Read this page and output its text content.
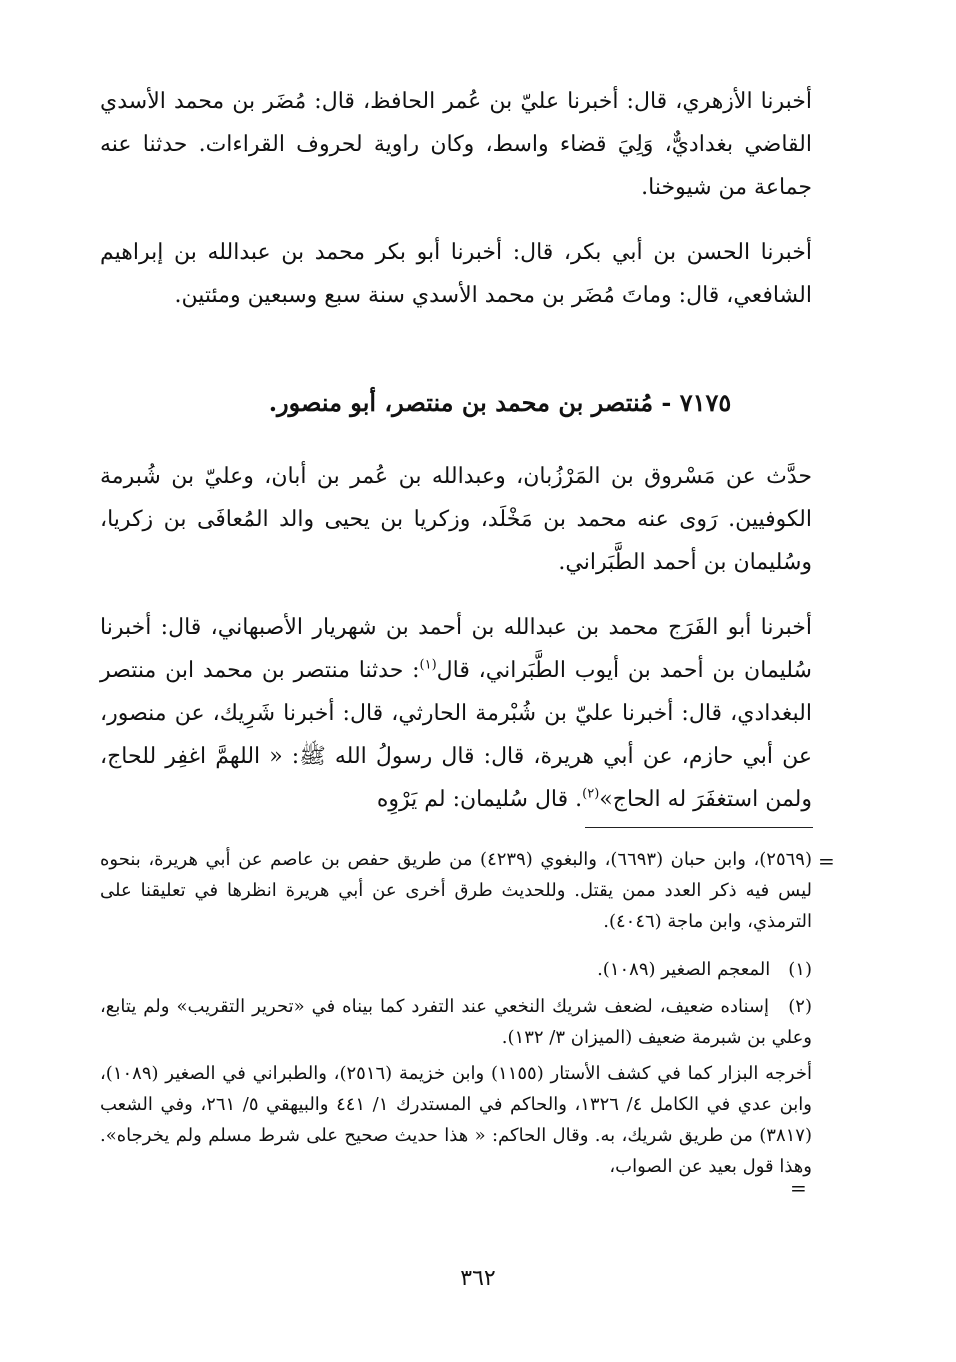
أخبرنا الأزهري، قال: أخبرنا عليّ بن عُمر الحافظ، قال: مُضَر بن محمد الأسدي القاضي بغداديٌّ، وَلِيَ قضاء واسط، وكان راوية لحروف القراءات. حدثنا عنه جماعة من شيوخنا.

أخبرنا الحسن بن أبي بكر، قال: أخبرنا أبو بكر محمد بن عبدالله بن إبراهيم الشافعي، قال: وماتَ مُضَر بن محمد الأسدي سنة سبع وسبعين ومئتين.

٧١٧٥ - مُنتصر بن محمد بن منتصر، أبو منصور.

حدَّث عن مَسْروق بن المَرْزُبان، وعبدالله بن عُمر بن أبان، وعليّ بن شُبرمة الكوفيين. رَوى عنه محمد بن مَخْلَد، وزكريا بن يحيى والد المُعافَى بن زكريا، وسُليمان بن أحمد الطَّبَراني.

أخبرنا أبو الفَرَج محمد بن عبدالله بن أحمد بن شهريار الأصبهاني، قال: أخبرنا سُليمان بن أحمد بن أيوب الطَّبَراني، قال$^{(١)}$: حدثنا منتصر بن محمد ابن منتصر البغدادي، قال: أخبرنا عليّ بن شُبْرمة الحارثي، قال: أخبرنا شَرِيك، عن منصور، عن أبي حازم، عن أبي هريرة، قال: قال رسولُ الله ﷺ: « اللهمَّ اغفِر للحاج، ولمن استغفَرَ له الحاج»$^{(٢)}$. قال سُليمان: لم يَرْوِه

=

(٢٥٦٩)، وابن حبان (٦٦٩٣)، والبغوي (٤٢٣٩) من طريق حفص بن عاصم عن أبي هريرة، بنحوه ليس فيه ذكر العدد ممن يقتل. وللحديث طرق أخرى عن أبي هريرة انظرها في تعليقنا على الترمذي، وابن ماجة (٤٠٤٦).

(١) المعجم الصغير (١٠٨٩).

(٢) إسناده ضعيف، لضعف شريك النخعي عند التفرد كما بيناه في «تحرير التقريب» ولم يتابع، وعلي بن شبرمة ضعيف (الميزان ٣/ ١٣٢).

أخرجه البزار كما في كشف الأستار (١١٥٥) وابن خزيمة (٢٥١٦)، والطبراني في الصغير (١٠٨٩)، وابن عدي في الكامل ٤/ ١٣٢٦، والحاكم في المستدرك ١/ ٤٤١ والبيهقي ٥/ ٢٦١، وفي الشعب (٣٨١٧) من طريق شريك، به. وقال الحاكم: « هذا حديث صحيح على شرط مسلم ولم يخرجاه». وهذا قول بعيد عن الصواب،

=
٣٦٢
